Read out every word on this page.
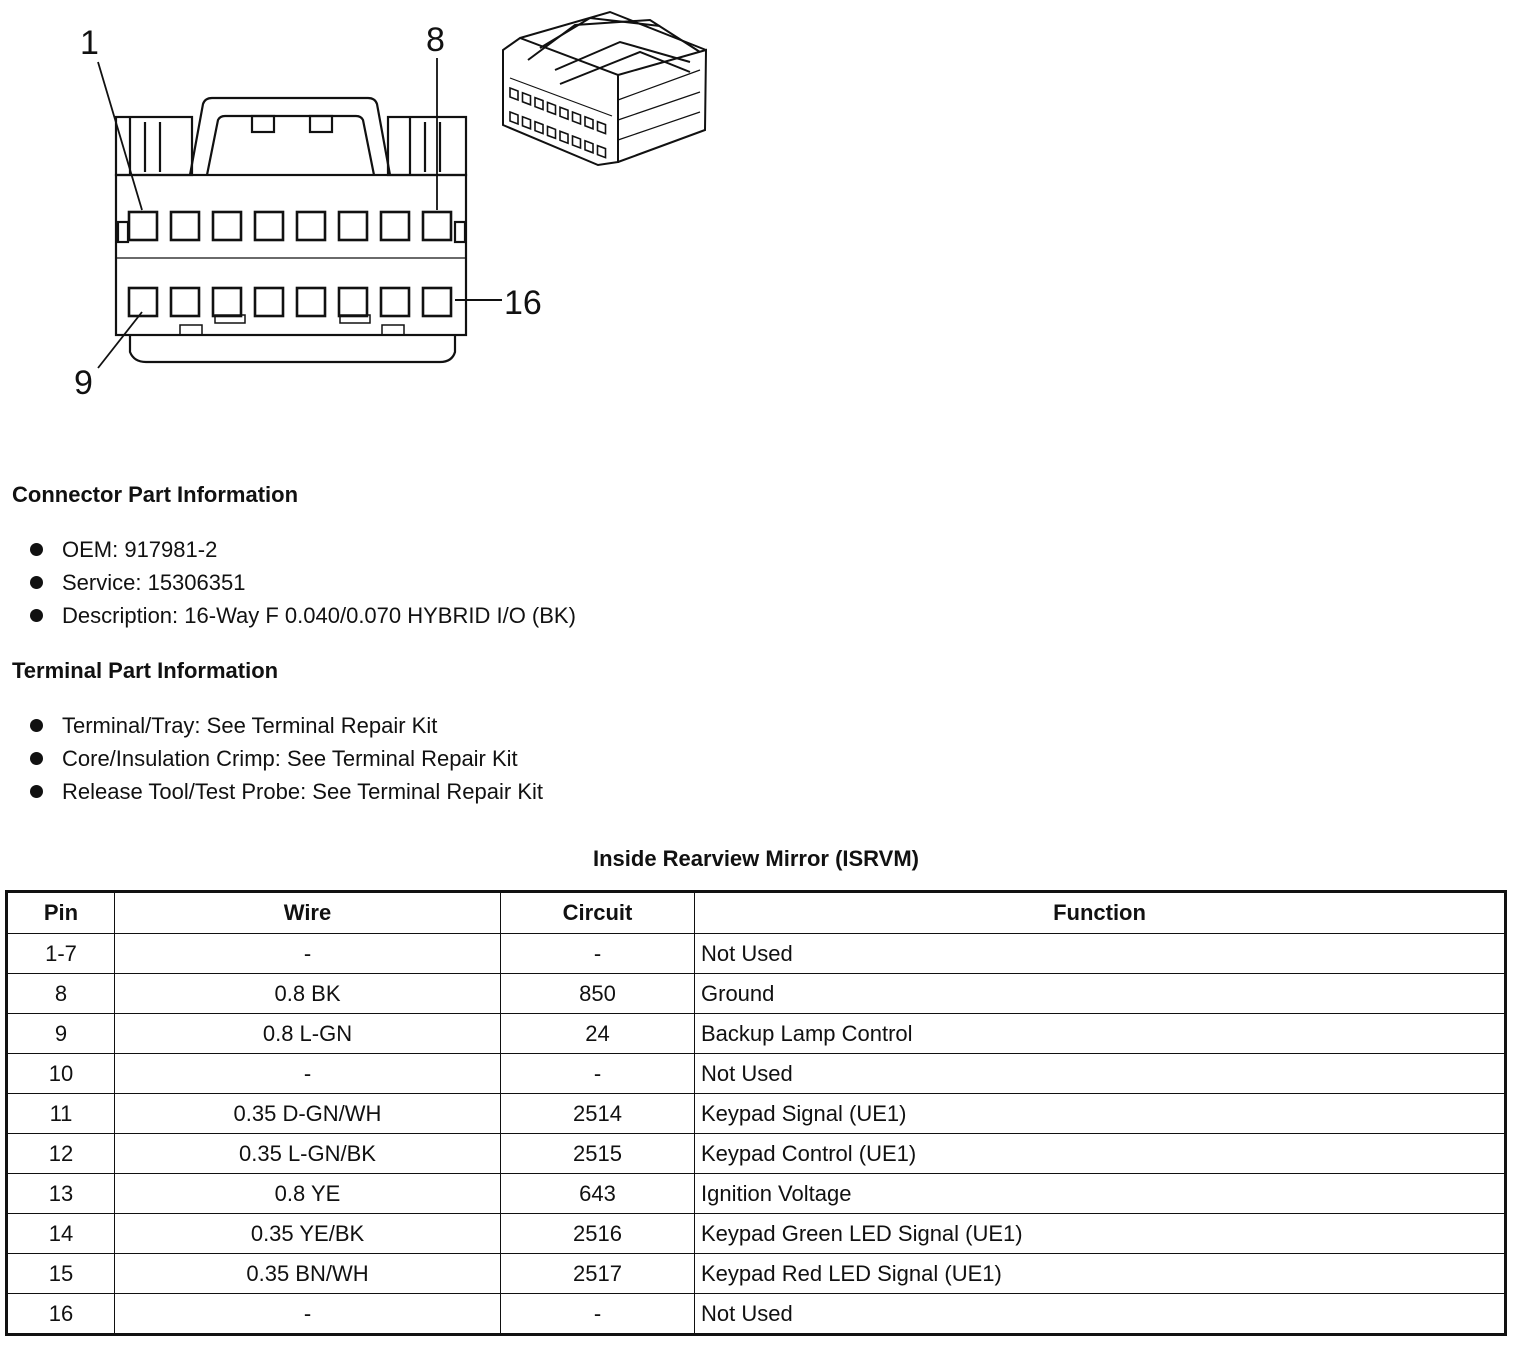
1	8
16
9
Connector Part Information
OEM: 917981-2
Service: 15306351
Description: 16-Way F 0.040/0.070 HYBRID I/O (BK)
Terminal Part Information
Terminal/Tray: See Terminal Repair Kit
Core/Insulation Crimp: See Terminal Repair Kit
Release Tool/Test Probe: See Terminal Repair Kit
Inside Rearview Mirror (ISRVM)
Pin	Wire	Circuit	Function
1-7	-	-	Not Used
8	0.8 BK	850	Ground
9	0.8 L-GN	24	Backup Lamp Control
10	-	-	Not Used
11	0.35 D-GN/WH	2514	Keypad Signal (UE1)
12	0.35 L-GN/BK	2515	Keypad Control (UE1)
13	0.8 YE	643	Ignition Voltage
14	0.35 YE/BK	2516	Keypad Green LED Signal (UE1)
15	0.35 BN/WH	2517	Keypad Red LED Signal (UE1)
16	-	-	Not Used
